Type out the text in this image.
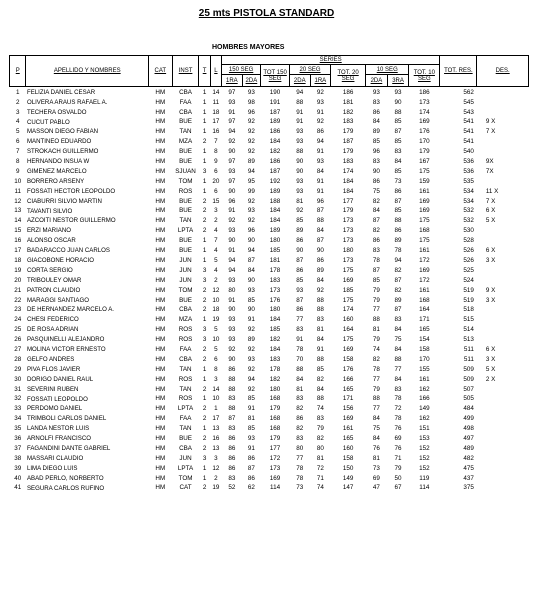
25 mts PISTOLA STANDARD
HOMBRES MAYORES
P	APELLIDO Y NOMBRES	CAT	INST	T	L	SERIES									TOT. RES.	DES.
						150 SEG		TOT 150 SEG	20 SEG		TOT. 20 SEG	10 SEG		TOT. 10 SEG		
						1RA	2DA		2DA	1RA		2DA	3RA			
1	FELIZIA DANIEL CESAR	HM	CBA	1	14	97	93	190	94	92	186	93	93	186	562	
2	OLIVERA ARAUS RAFAEL A.	HM	FAA	1	11	93	98	191	88	93	181	83	90	173	545	
3	TECHERA OSVALDO	HM	CBA	1	18	91	96	187	91	91	182	86	88	174	543	
4	CUCUT PABLO	HM	BUE	1	17	97	92	189	91	92	183	84	85	169	541	9 X
5	MASSON DIEGO FABIAN	HM	TAN	1	16	94	92	186	93	86	179	89	87	176	541	7 X
6	MANTINEO EDUARDO	HM	MZA	2	7	92	92	184	93	94	187	85	85	170	541	
7	STROKACH GUILLERMO	HM	BUE	1	8	90	92	182	88	91	179	96	83	179	540	
8	HERNANDO INSUA W	HM	BUE	1	9	97	89	186	90	93	183	83	84	167	536	9X
9	GIMENEZ MARCELO	HM	SJUAN	3	6	93	94	187	90	84	174	90	85	175	536	7X
10	BORRERO ARSENY	HM	TOM	1	20	97	95	192	93	91	184	86	73	159	535	
11	FOSSATI HECTOR LEOPOLDO	HM	ROS	1	6	90	99	189	93	91	184	75	86	161	534	11 X
12	CIABURRI SILVIO MARTIN	HM	BUE	2	15	96	92	188	81	96	177	82	87	169	534	7 X
13	TAVANTI SILVIO	HM	BUE	2	3	91	93	184	92	87	179	84	85	169	532	6 X
14	AZCOITI NESTOR GUILLERMO	HM	TAN	2	2	92	92	184	85	88	173	87	88	175	532	5 X
15	ERZI MARIANO	HM	LPTA	2	4	93	96	189	89	84	173	82	86	168	530	
16	ALONSO OSCAR	HM	BUE	1	7	90	90	180	86	87	173	86	89	175	528	
17	BADARACCO JUAN CARLOS	HM	BUE	1	4	91	94	185	90	90	180	83	78	161	526	6 X
18	GIACOBONE HORACIO	HM	JUN	1	5	94	87	181	87	86	173	78	94	172	526	3 X
19	CORTA SERGIO	HM	JUN	3	4	94	84	178	86	89	175	87	82	169	525	
20	TRIBOULEY OMAR	HM	JUN	3	2	93	90	183	85	84	169	85	87	172	524	
21	PATRON CLAUDIO	HM	TOM	2	12	80	93	173	93	92	185	79	82	161	519	9 X
22	MARAGGI SANTIAGO	HM	BUE	2	10	91	85	176	87	88	175	79	89	168	519	3 X
23	DE HERNANDEZ MARCELO A.	HM	CBA	2	18	90	90	180	86	88	174	77	87	164	518	
24	CHESI FEDERICO	HM	MZA	1	19	93	91	184	77	83	160	88	83	171	515	
25	DE ROSA ADRIAN	HM	ROS	3	5	93	92	185	83	81	164	81	84	165	514	
26	PASQUINELLI ALEJANDRO	HM	ROS	3	10	93	89	182	91	84	175	79	75	154	513	
27	MOLINA VICTOR ERNESTO	HM	FAA	2	5	92	92	184	78	91	169	74	84	158	511	6 X
28	GELFO ANDRES	HM	CBA	2	6	90	93	183	70	88	158	82	88	170	511	3 X
29	PIVA FLOS JAVIER	HM	TAN	1	8	86	92	178	88	85	176	78	77	155	509	5 X
30	DORIGO DANIEL RAUL	HM	ROS	1	3	88	94	182	84	82	166	77	84	161	509	2 X
31	SEVERINI RUBEN	HM	TAN	2	14	88	92	180	81	84	165	79	83	162	507	
32	FOSSATI LEOPOLDO	HM	ROS	1	10	83	85	168	83	88	171	88	78	166	505	
33	PERDOMO DANIEL	HM	LPTA	2	1	88	91	179	82	74	156	77	72	149	484	
34	TRIMBOLI CARLOS DANIEL	HM	FAA	2	17	87	81	168	86	83	169	84	78	162	499	
35	LANDA NESTOR LUIS	HM	TAN	1	13	83	85	168	82	79	161	75	76	151	498	
36	ARNOLFI FRANCISCO	HM	BUE	2	16	86	93	179	83	82	165	84	69	153	497	
37	FAGANDINI DANTE GABRIEL	HM	CBA	2	13	86	91	177	80	80	160	76	76	152	489	
38	MASSARI CLAUDIO	HM	JUN	3	3	86	86	172	77	81	158	81	71	152	482	
39	LIMA DIEGO LUIS	HM	LPTA	1	12	86	87	173	78	72	150	73	79	152	475	
40	ABAD PERLO, NORBERTO	HM	TOM	1	2	83	86	169	78	71	149	69	50	119	437	
41	SEGURA CARLOS RUFINO	HM	CAT	2	19	52	62	114	73	74	147	47	67	114	375	
